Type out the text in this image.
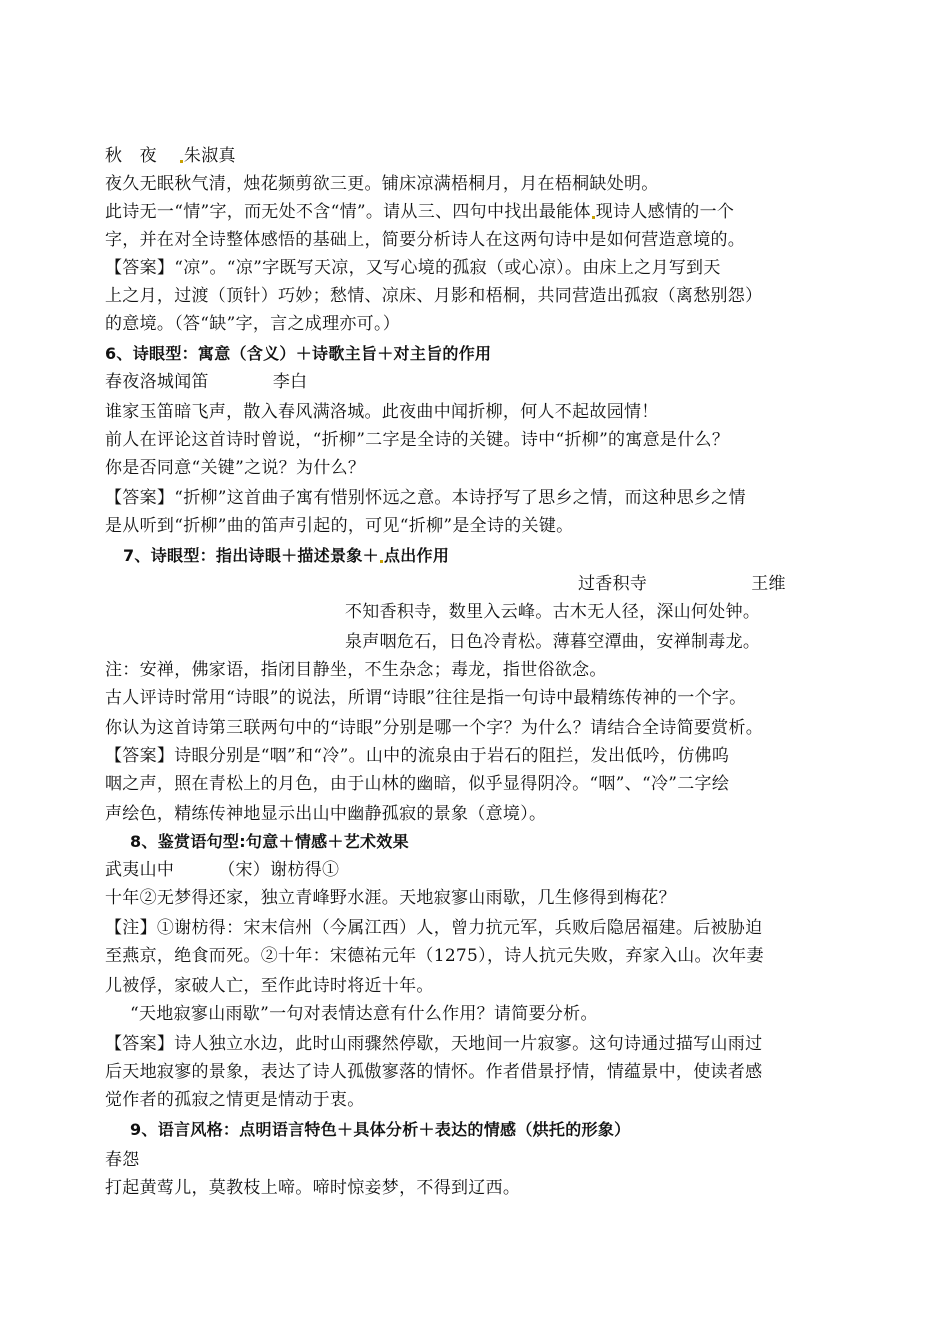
秋　夜 朱淑真
夜久无眠秋气清，烛花频剪欲三更。铺床凉满梧桐月，月在梧桐缺处明。
此诗无一“情”字，而无处不含“情”。请从三、四句中找出最能体 现诗人感情的一个
字，并在对全诗整体感悟的基础上，简要分析诗人在这两句诗中是如何营造意境的。
【答案】“凉”。“凉”字既写天凉，又写心境的孤寂（或心凉）。由床上之月写到天
上之月，过渡（顶针）巧妙；愁情、凉床、月影和梧桐，共同营造出孤寂（离愁别怨）
的意境。（答“缺”字，言之成理亦可。）
6、诗眼型：寓意（含义）＋诗歌主旨＋对主旨的作用
春夜洛城闻笛	李白
谁家玉笛暗飞声，散入春风满洛城。此夜曲中闻折柳，何人不起故园情！
前人在评论这首诗时曾说，“折柳”二字是全诗的关键。诗中“折柳”的寓意是什么？
你是否同意“关键”之说？为什么？
【答案】“折柳”这首曲子寓有惜别怀远之意。本诗抒写了思乡之情，而这种思乡之情
是从听到“折柳”曲的笛声引起的，可见“折柳”是全诗的关键。
7、诗眼型：指出诗眼＋描述景象＋ 点出作用
过香积寺	王维
不知香积寺，数里入云峰。古木无人径，深山何处钟。
泉声咽危石，日色冷青松。薄暮空潭曲，安禅制毒龙。
注：安禅，佛家语，指闭目静坐，不生杂念；毒龙，指世俗欲念。
古人评诗时常用“诗眼”的说法，所谓“诗眼”往往是指一句诗中最精练传神的一个字。
你认为这首诗第三联两句中的“诗眼”分别是哪一个字？为什么？请结合全诗简要赏析。
【答案】诗眼分别是“咽”和“冷”。山中的流泉由于岩石的阻拦，发出低吟，仿佛呜
咽之声，照在青松上的月色，由于山林的幽暗，似乎显得阴冷。“咽”、“冷”二字绘
声绘色，精练传神地显示出山中幽静孤寂的景象（意境）。
8、鉴赏语句型:句意＋情感＋艺术效果
武夷山中	（宋）谢枋得①
十年②无梦得还家，独立青峰野水涯。天地寂寥山雨歇，几生修得到梅花？
【注】①谢枋得：宋末信州（今属江西）人，曾力抗元军，兵败后隐居福建。后被胁迫
至燕京，绝食而死。②十年：宋德祐元年（1275），诗人抗元失败，弃家入山。次年妻
儿被俘，家破人亡，至作此诗时将近十年。
“天地寂寥山雨歇”一句对表情达意有什么作用？请简要分析。
【答案】诗人独立水边，此时山雨骤然停歇，天地间一片寂寥。这句诗通过描写山雨过
后天地寂寥的景象，表达了诗人孤傲寥落的情怀。作者借景抒情，情蕴景中，使读者感
觉作者的孤寂之情更是情动于衷。
9、语言风格：点明语言特色＋具体分析＋表达的情感（烘托的形象）
春怨
打起黄莺儿，莫教枝上啼。啼时惊妾梦，不得到辽西。
